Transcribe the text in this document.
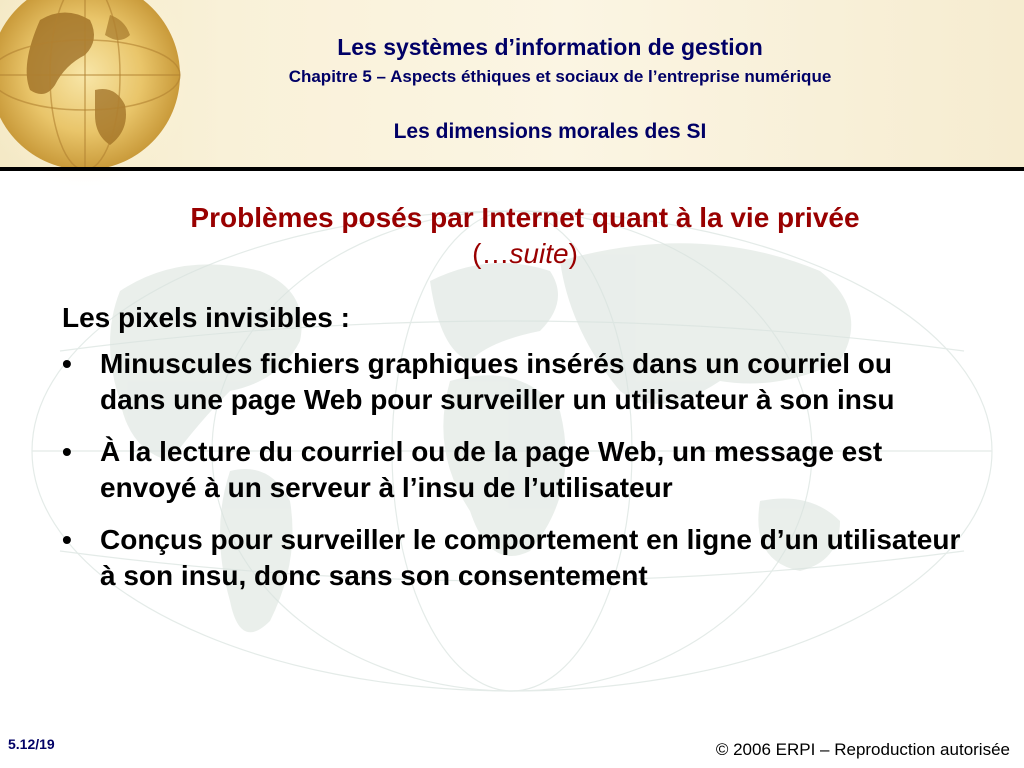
Les systèmes d’information de gestion
Chapitre 5 – Aspects éthiques et sociaux de l’entreprise numérique
Les dimensions morales des SI
Problèmes posés par Internet quant à la vie privée
(…suite)
Les pixels invisibles :
• Minuscules fichiers graphiques insérés dans un courriel ou dans une page Web pour surveiller un utilisateur à son insu
• À la lecture du courriel ou de la page Web, un message est envoyé à un serveur à l’insu de l’utilisateur
• Conçus pour surveiller le comportement en ligne d’un utilisateur à son insu, donc sans son consentement
5.12/19	© 2006 ERPI – Reproduction autorisée
